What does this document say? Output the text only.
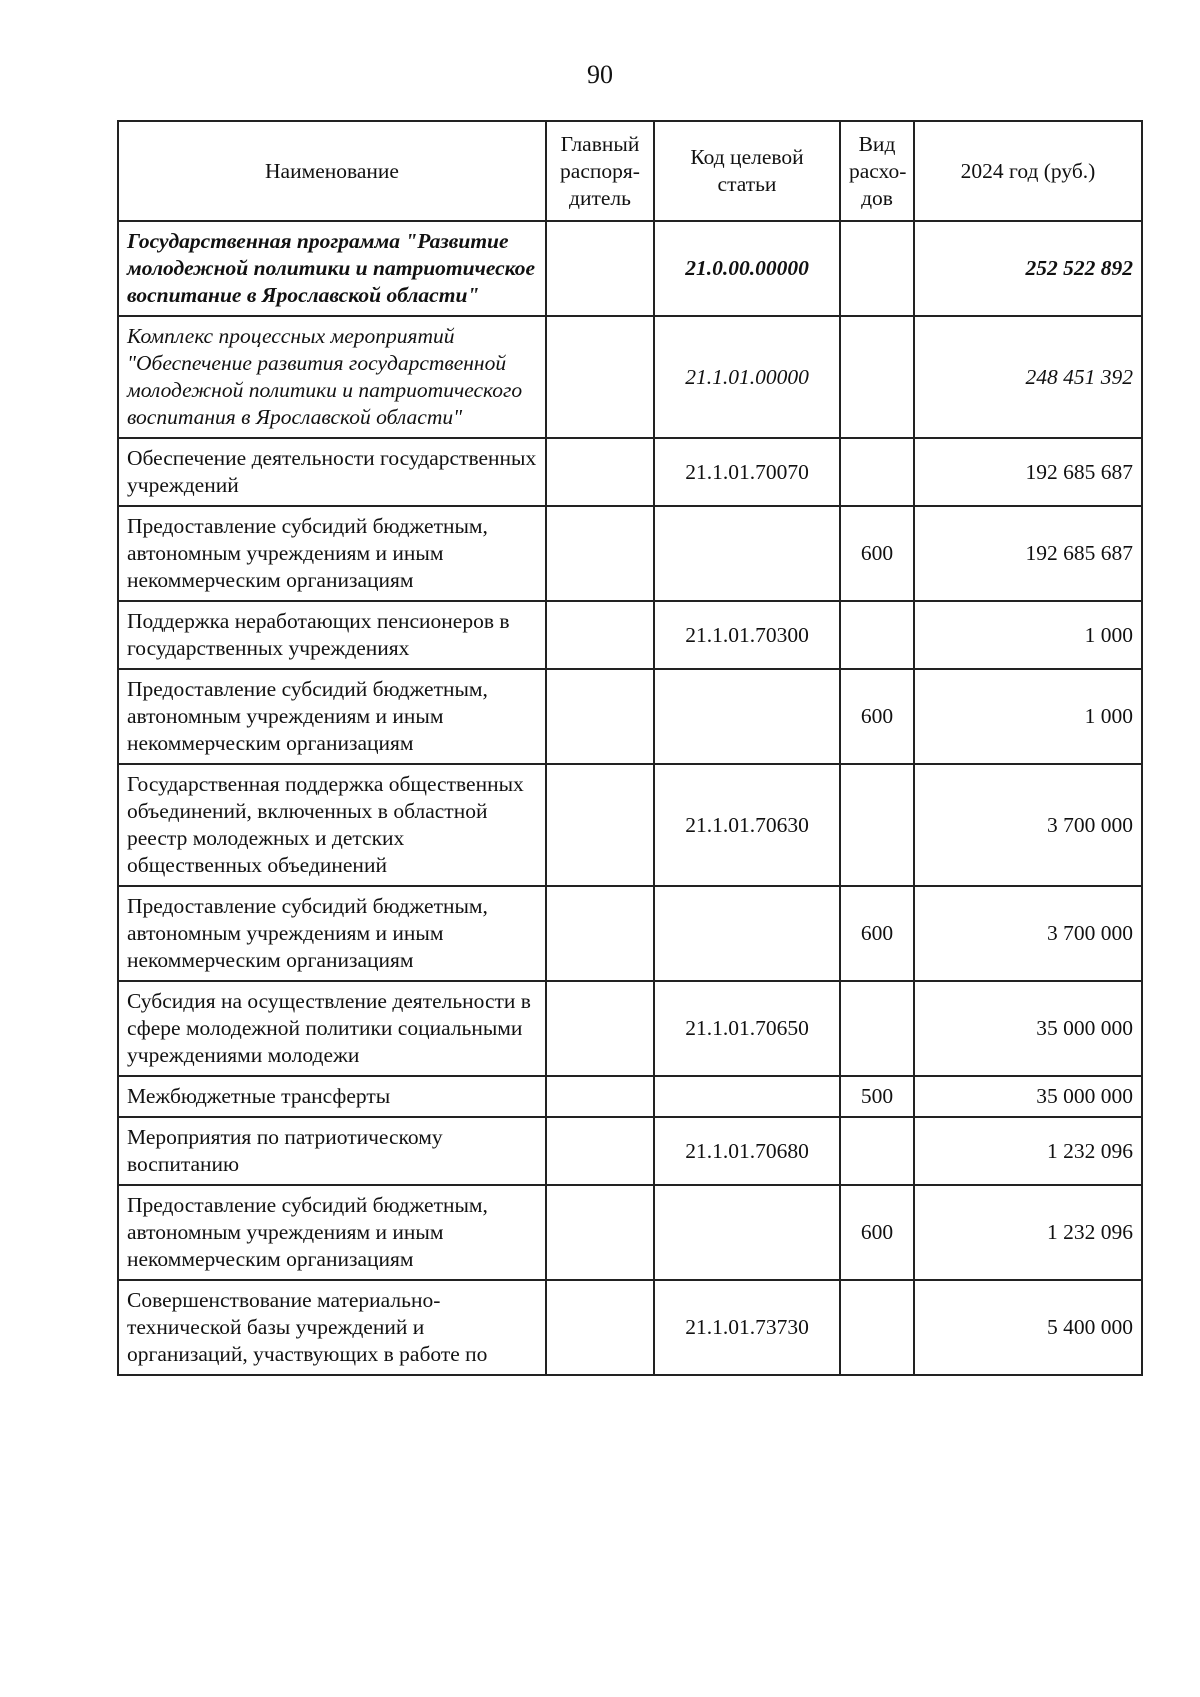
90
Наименование	Главный распоря-дитель	Код целевой статьи	Вид расхо-дов	2024 год (руб.)
Государственная программа "Развитие молодежной политики и патриотическое воспитание в Ярославской области"		21.0.00.00000		252 522 892
Комплекс процессных мероприятий "Обеспечение развития государственной молодежной политики и патриотического воспитания в Ярославской области"		21.1.01.00000		248 451 392
Обеспечение деятельности государственных учреждений		21.1.01.70070		192 685 687
Предоставление субсидий бюджетным, автономным учреждениям и иным некоммерческим организациям			600	192 685 687
Поддержка неработающих пенсионеров в государственных учреждениях		21.1.01.70300		1 000
Предоставление субсидий бюджетным, автономным учреждениям и иным некоммерческим организациям			600	1 000
Государственная поддержка общественных объединений, включенных в областной реестр молодежных и детских общественных объединений		21.1.01.70630		3 700 000
Предоставление субсидий бюджетным, автономным учреждениям и иным некоммерческим организациям			600	3 700 000
Субсидия на осуществление деятельности в сфере молодежной политики социальными учреждениями молодежи		21.1.01.70650		35 000 000
Межбюджетные трансферты			500	35 000 000
Мероприятия по патриотическому воспитанию		21.1.01.70680		1 232 096
Предоставление субсидий бюджетным, автономным учреждениям и иным некоммерческим организациям			600	1 232 096
Совершенствование материально-технической базы учреждений и организаций, участвующих в работе по		21.1.01.73730		5 400 000
